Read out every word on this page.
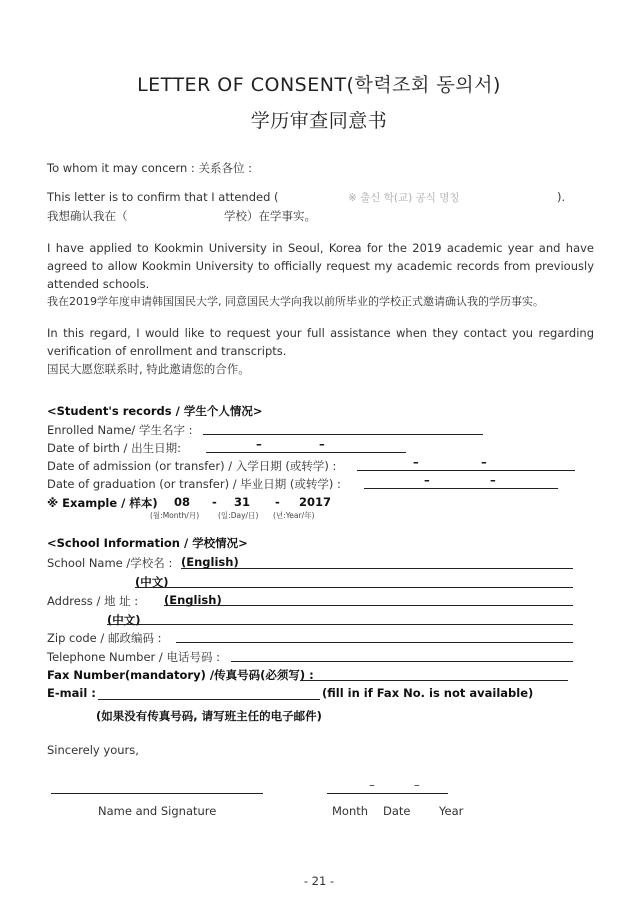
LETTER OF CONSENT(학력조회 동의서)
学历审查同意书
To whom it may concern : 关系各位 :
This letter is to confirm that I attended (	※ 출신 학(교) 공식 명칭	).
我想确认我在（	学校）在学事实。
I have applied to Kookmin University in Seoul, Korea for the 2019 academic year and have
agreed to allow Kookmin University to officially request my academic records from previously
attended schools.
我在2019学年度申请韩国国民大学, 同意国民大学向我以前所毕业的学校正式邀请确认我的学历事实。
In this regard, I would like to request your full assistance when they contact you regarding
verification of enrollment and transcripts.
国民大愿您联系时, 特此邀请您的合作。
<Student's records / 学生个人情况>
Enrolled Name/ 学生名字 :
Date of birth / 出生日期:	–	–
Date of admission (or transfer) / 入学日期 (或转学) :	–	–
Date of graduation (or transfer) / 毕业日期 (或转学) :	–	–
※ Example / 样本) 08 - 31 - 2017
(월:Month/月)	(일:Day/日) (년:Year/年)
<School Information / 学校情况>
School Name /学校名 : (English)
(中文)
Address / 地 址 : (English)
(中文)
Zip code / 邮政编码 :
Telephone Number / 电话号码 :
Fax Number(mandatory) /传真号码(必须写) :
E-mail :	(fill in if Fax No. is not available)
(如果没有传真号码, 请写班主任的电子邮件)
Sincerely yours,
–	–
Name and Signature	Month Date Year
- 21 -
